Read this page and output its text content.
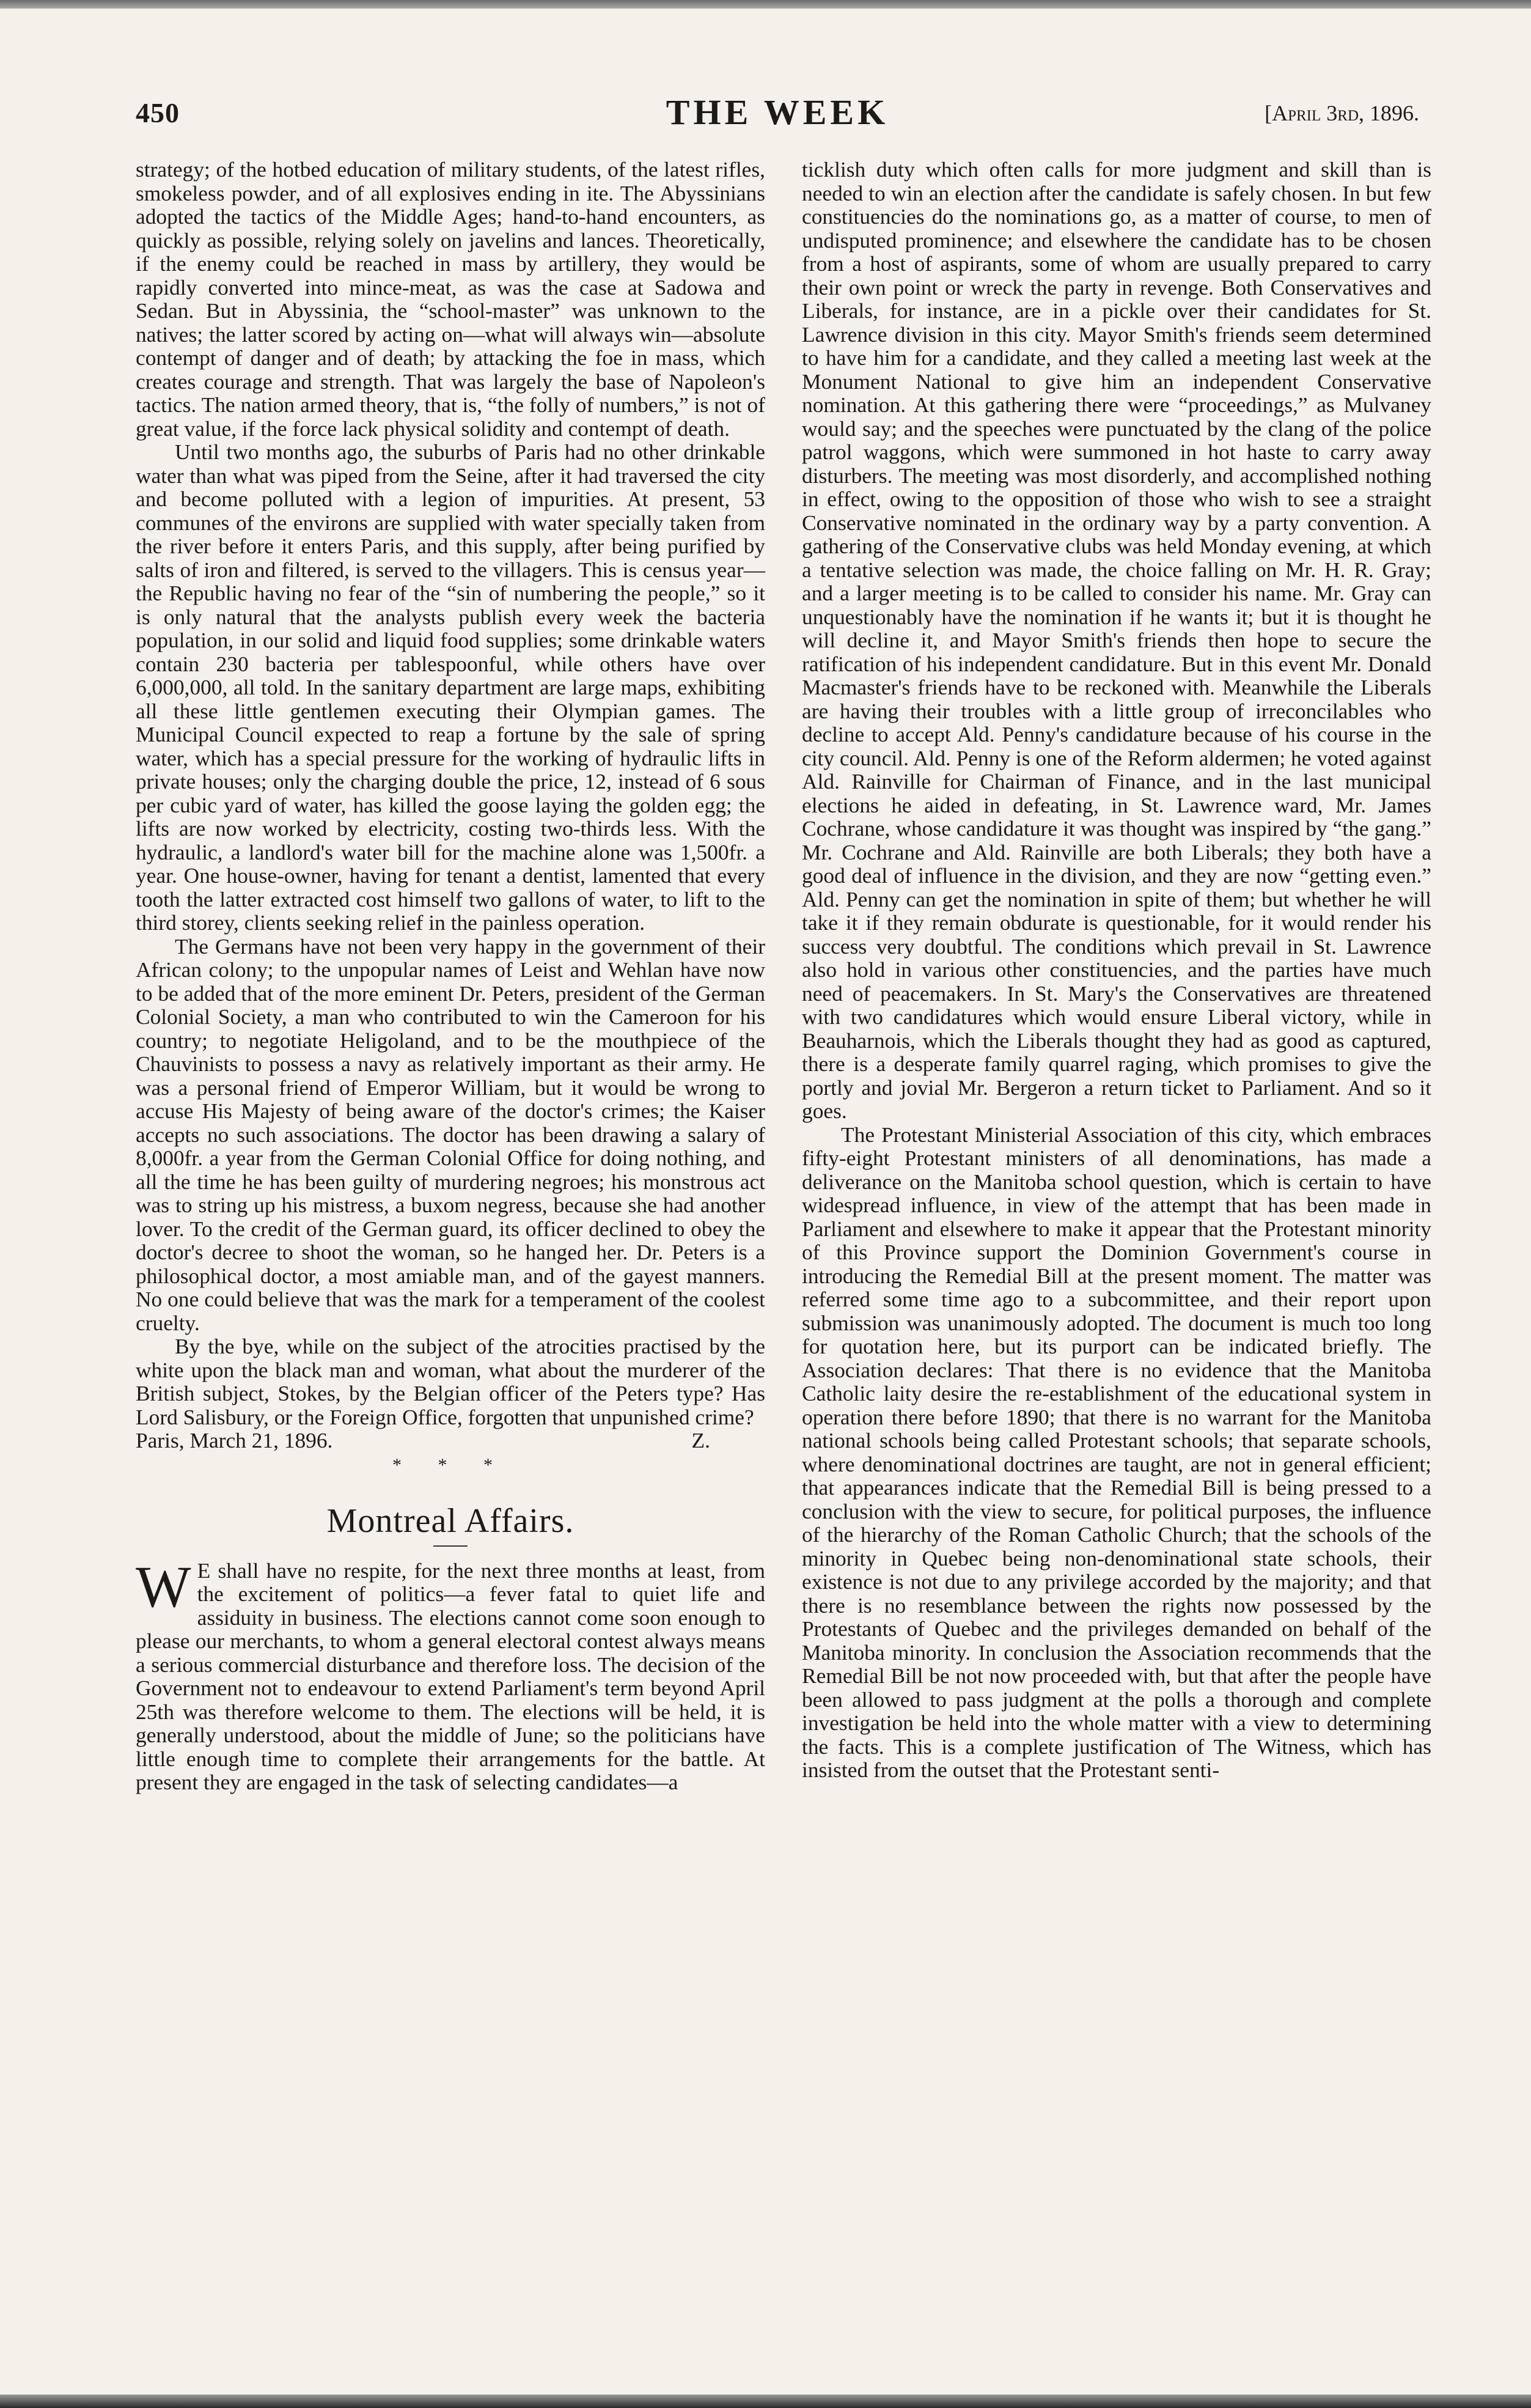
450	THE WEEK	[April 3rd, 1896.

strategy; of the hotbed education of military students, of the latest rifles, smokeless powder, and of all explosives ending in ite. The Abyssinians adopted the tactics of the Middle Ages; hand-to-hand encounters, as quickly as possible, relying solely on javelins and lances. Theoretically, if the enemy could be reached in mass by artillery, they would be rapidly converted into mince-meat, as was the case at Sadowa and Sedan. But in Abyssinia, the “school-master” was unknown to the natives; the latter scored by acting on—what will always win—absolute contempt of danger and of death; by attacking the foe in mass, which creates courage and strength. That was largely the base of Napoleon's tactics. The nation armed theory, that is, “the folly of numbers,” is not of great value, if the force lack physical solidity and contempt of death.

Until two months ago, the suburbs of Paris had no other drinkable water than what was piped from the Seine, after it had traversed the city and become polluted with a legion of impurities. At present, 53 communes of the environs are supplied with water specially taken from the river before it enters Paris, and this supply, after being purified by salts of iron and filtered, is served to the villagers. This is census year—the Republic having no fear of the “sin of numbering the people,” so it is only natural that the analysts publish every week the bacteria population, in our solid and liquid food supplies; some drinkable waters contain 230 bacteria per tablespoonful, while others have over 6,000,000, all told. In the sanitary department are large maps, exhibiting all these little gentlemen executing their Olympian games. The Municipal Council expected to reap a fortune by the sale of spring water, which has a special pressure for the working of hydraulic lifts in private houses; only the charging double the price, 12, instead of 6 sous per cubic yard of water, has killed the goose laying the golden egg; the lifts are now worked by electricity, costing two-thirds less. With the hydraulic, a landlord's water bill for the machine alone was 1,500fr. a year. One house-owner, having for tenant a dentist, lamented that every tooth the latter extracted cost himself two gallons of water, to lift to the third storey, clients seeking relief in the painless operation.

The Germans have not been very happy in the government of their African colony; to the unpopular names of Leist and Wehlan have now to be added that of the more eminent Dr. Peters, president of the German Colonial Society, a man who contributed to win the Cameroon for his country; to negotiate Heligoland, and to be the mouthpiece of the Chauvinists to possess a navy as relatively important as their army. He was a personal friend of Emperor William, but it would be wrong to accuse His Majesty of being aware of the doctor's crimes; the Kaiser accepts no such associations. The doctor has been drawing a salary of 8,000fr. a year from the German Colonial Office for doing nothing, and all the time he has been guilty of murdering negroes; his monstrous act was to string up his mistress, a buxom negress, because she had another lover. To the credit of the German guard, its officer declined to obey the doctor's decree to shoot the woman, so he hanged her. Dr. Peters is a philosophical doctor, a most amiable man, and of the gayest manners. No one could believe that was the mark for a temperament of the coolest cruelty.

By the bye, while on the subject of the atrocities practised by the white upon the black man and woman, what about the murderer of the British subject, Stokes, by the Belgian officer of the Peters type? Has Lord Salisbury, or the Foreign Office, forgotten that unpunished crime?
Z.

Paris, March 21, 1896.

* * *
Montreal Affairs.

W E shall have no respite, for the next three months at least, from the excitement of politics—a fever fatal to quiet life and assiduity in business. The elections cannot come soon enough to please our merchants, to whom a general electoral contest always means a serious commercial disturbance and therefore loss. The decision of the Government not to endeavour to extend Parliament's term beyond April 25th was therefore welcome to them. The elections will be held, it is generally understood, about the middle of June; so the politicians have little enough time to complete their arrangements for the battle. At present they are engaged in the task of selecting candidates—a

ticklish duty which often calls for more judgment and skill than is needed to win an election after the candidate is safely chosen. In but few constituencies do the nominations go, as a matter of course, to men of undisputed prominence; and elsewhere the candidate has to be chosen from a host of aspirants, some of whom are usually prepared to carry their own point or wreck the party in revenge. Both Conservatives and Liberals, for instance, are in a pickle over their candidates for St. Lawrence division in this city. Mayor Smith's friends seem determined to have him for a candidate, and they called a meeting last week at the Monument National to give him an independent Conservative nomination. At this gathering there were “proceedings,” as Mulvaney would say; and the speeches were punctuated by the clang of the police patrol waggons, which were summoned in hot haste to carry away disturbers. The meeting was most disorderly, and accomplished nothing in effect, owing to the opposition of those who wish to see a straight Conservative nominated in the ordinary way by a party convention. A gathering of the Conservative clubs was held Monday evening, at which a tentative selection was made, the choice falling on Mr. H. R. Gray; and a larger meeting is to be called to consider his name. Mr. Gray can unquestionably have the nomination if he wants it; but it is thought he will decline it, and Mayor Smith's friends then hope to secure the ratification of his independent candidature. But in this event Mr. Donald Macmaster's friends have to be reckoned with. Meanwhile the Liberals are having their troubles with a little group of irreconcilables who decline to accept Ald. Penny's candidature because of his course in the city council. Ald. Penny is one of the Reform aldermen; he voted against Ald. Rainville for Chairman of Finance, and in the last municipal elections he aided in defeating, in St. Lawrence ward, Mr. James Cochrane, whose candidature it was thought was inspired by “the gang.” Mr. Cochrane and Ald. Rainville are both Liberals; they both have a good deal of influence in the division, and they are now “getting even.” Ald. Penny can get the nomination in spite of them; but whether he will take it if they remain obdurate is questionable, for it would render his success very doubtful. The conditions which prevail in St. Lawrence also hold in various other constituencies, and the parties have much need of peacemakers. In St. Mary's the Conservatives are threatened with two candidatures which would ensure Liberal victory, while in Beauharnois, which the Liberals thought they had as good as captured, there is a desperate family quarrel raging, which promises to give the portly and jovial Mr. Bergeron a return ticket to Parliament. And so it goes.

The Protestant Ministerial Association of this city, which embraces fifty-eight Protestant ministers of all denominations, has made a deliverance on the Manitoba school question, which is certain to have widespread influence, in view of the attempt that has been made in Parliament and elsewhere to make it appear that the Protestant minority of this Province support the Dominion Government's course in introducing the Remedial Bill at the present moment. The matter was referred some time ago to a subcommittee, and their report upon submission was unanimously adopted. The document is much too long for quotation here, but its purport can be indicated briefly. The Association declares: That there is no evidence that the Manitoba Catholic laity desire the re-establishment of the educational system in operation there before 1890; that there is no warrant for the Manitoba national schools being called Protestant schools; that separate schools, where denominational doctrines are taught, are not in general efficient; that appearances indicate that the Remedial Bill is being pressed to a conclusion with the view to secure, for political purposes, the influence of the hierarchy of the Roman Catholic Church; that the schools of the minority in Quebec being non-denominational state schools, their existence is not due to any privilege accorded by the majority; and that there is no resemblance between the rights now possessed by the Protestants of Quebec and the privileges demanded on behalf of the Manitoba minority. In conclusion the Association recommends that the Remedial Bill be not now proceeded with, but that after the people have been allowed to pass judgment at the polls a thorough and complete investigation be held into the whole matter with a view to determining the facts. This is a complete justification of The Witness, which has insisted from the outset that the Protestant senti-
